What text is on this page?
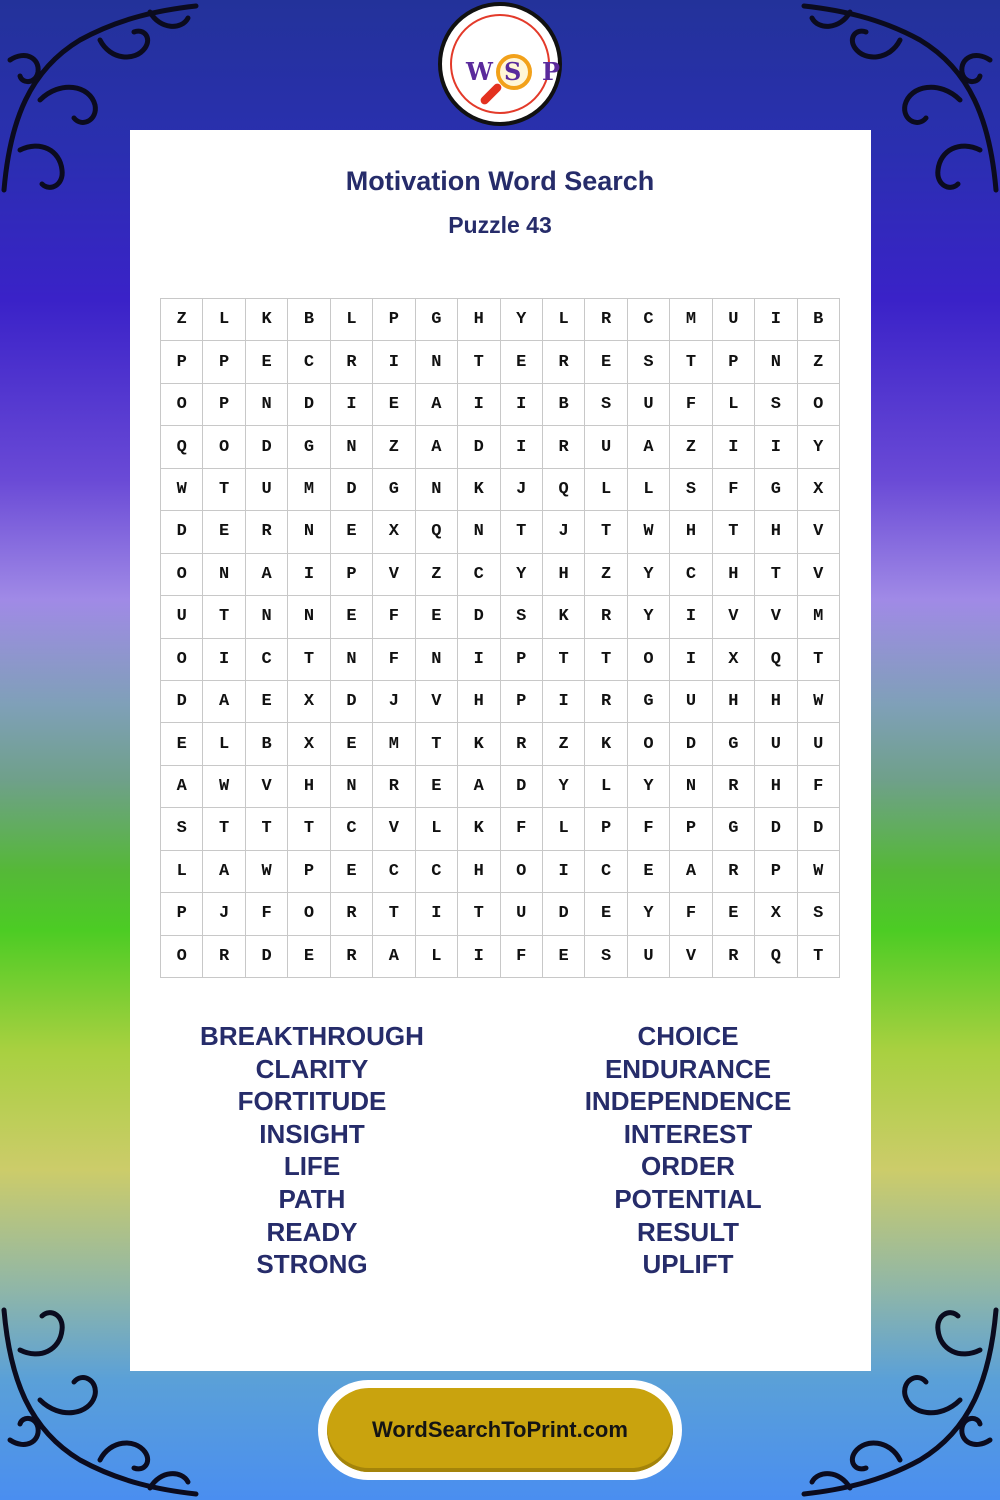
W S P
Motivation Word Search
Puzzle 43
Z	L	K	B	L	P	G	H	Y	L	R	C	M	U	I	B
P	P	E	C	R	I	N	T	E	R	E	S	T	P	N	Z
O	P	N	D	I	E	A	I	I	B	S	U	F	L	S	O
Q	O	D	G	N	Z	A	D	I	R	U	A	Z	I	I	Y
W	T	U	M	D	G	N	K	J	Q	L	L	S	F	G	X
D	E	R	N	E	X	Q	N	T	J	T	W	H	T	H	V
O	N	A	I	P	V	Z	C	Y	H	Z	Y	C	H	T	V
U	T	N	N	E	F	E	D	S	K	R	Y	I	V	V	M
O	I	C	T	N	F	N	I	P	T	T	O	I	X	Q	T
D	A	E	X	D	J	V	H	P	I	R	G	U	H	H	W
E	L	B	X	E	M	T	K	R	Z	K	O	D	G	U	U
A	W	V	H	N	R	E	A	D	Y	L	Y	N	R	H	F
S	T	T	T	C	V	L	K	F	L	P	F	P	G	D	D
L	A	W	P	E	C	C	H	O	I	C	E	A	R	P	W
P	J	F	O	R	T	I	T	U	D	E	Y	F	E	X	S
O	R	D	E	R	A	L	I	F	E	S	U	V	R	Q	T
BREAKTHROUGH
CLARITY
FORTITUDE
INSIGHT
LIFE
PATH
READY
STRONG
CHOICE
ENDURANCE
INDEPENDENCE
INTEREST
ORDER
POTENTIAL
RESULT
UPLIFT
WordSearchToPrint.com
